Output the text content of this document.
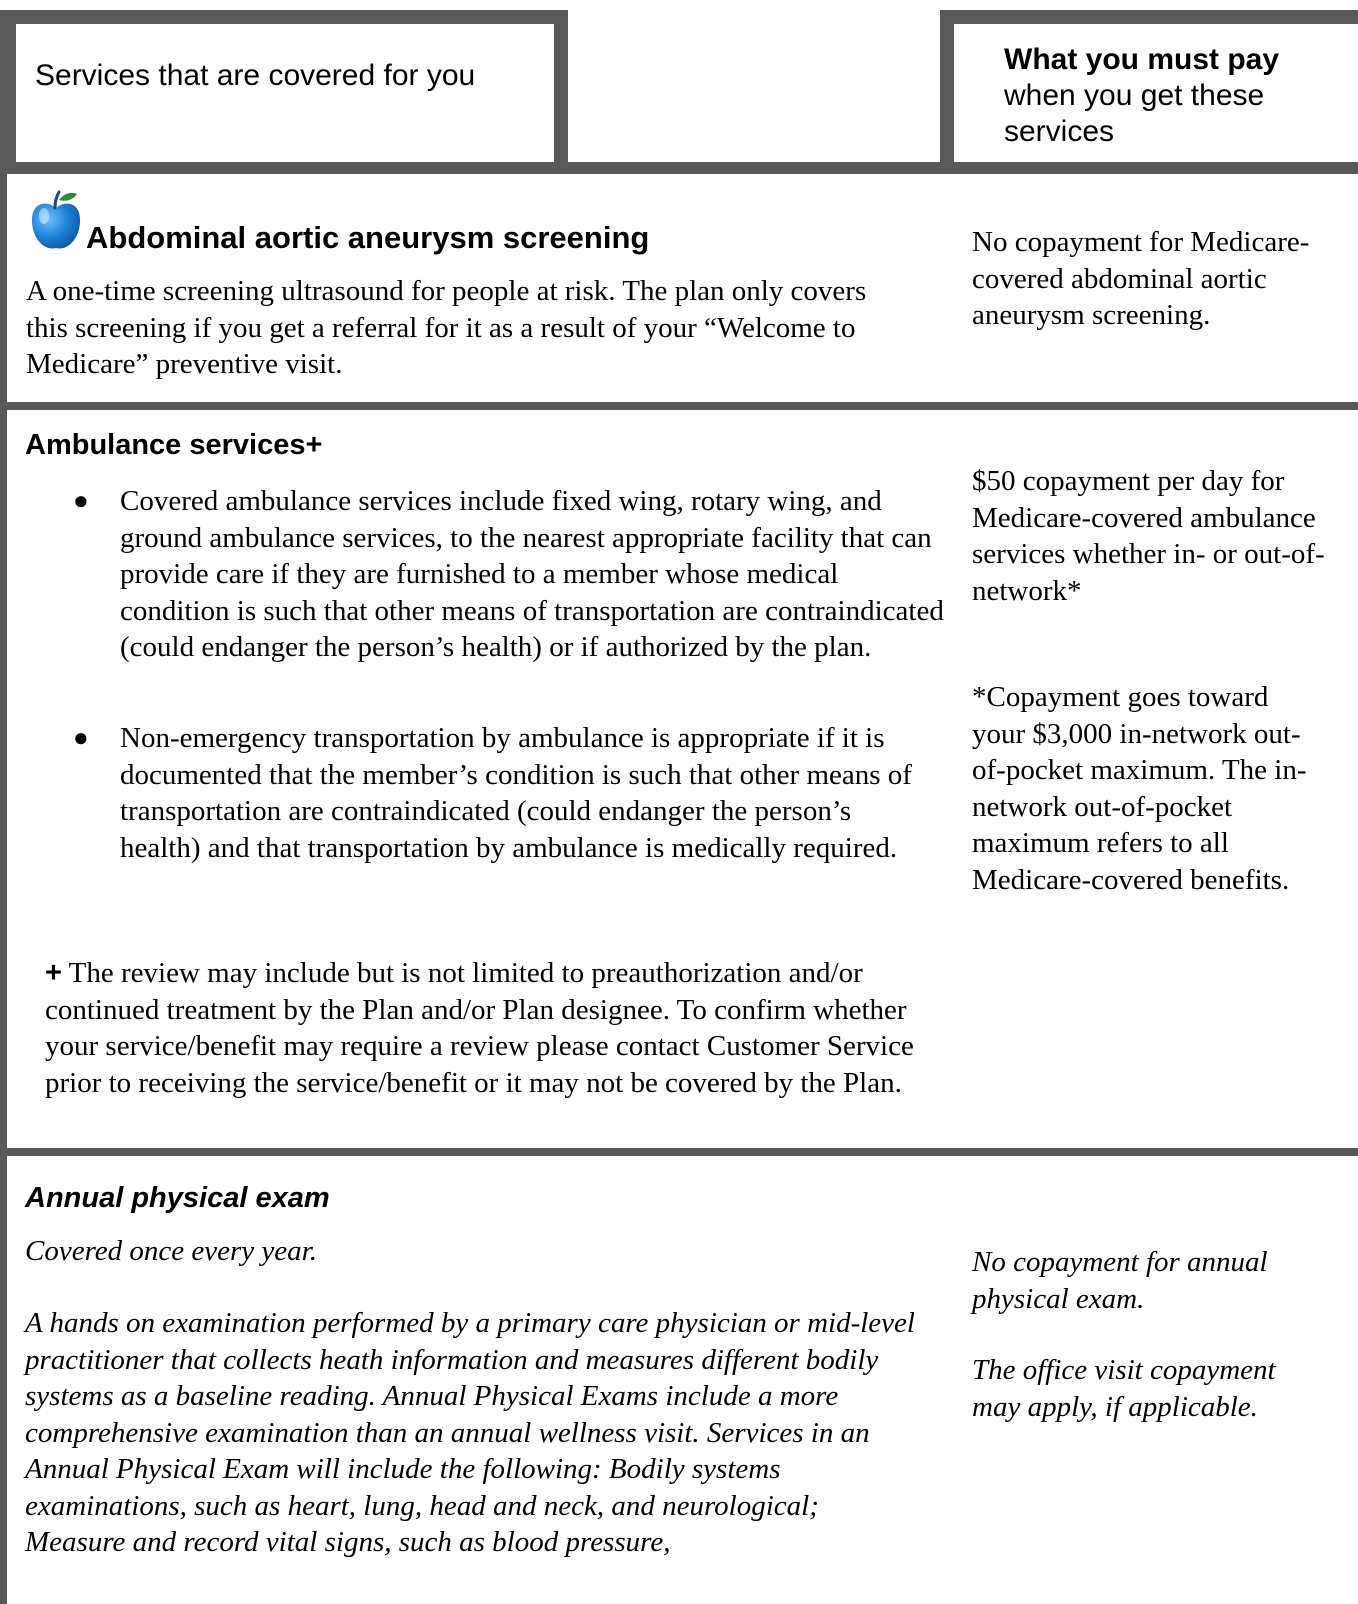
Services that are covered for you	What you must pay
when you get these services
Abdominal aortic aneurysm screening
A one-time screening ultrasound for people at risk. The plan only covers this screening if you get a referral for it as a result of your “Welcome to Medicare” preventive visit.
No copayment for Medicare-covered abdominal aortic aneurysm screening.
Ambulance services+
● Covered ambulance services include fixed wing, rotary wing, and ground ambulance services, to the nearest appropriate facility that can provide care if they are furnished to a member whose medical condition is such that other means of transportation are contraindicated (could endanger the person’s health) or if authorized by the plan.
● Non-emergency transportation by ambulance is appropriate if it is documented that the member’s condition is such that other means of transportation are contraindicated (could endanger the person’s health) and that transportation by ambulance is medically required.
+ The review may include but is not limited to preauthorization and/or continued treatment by the Plan and/or Plan designee. To confirm whether your service/benefit may require a review please contact Customer Service prior to receiving the service/benefit or it may not be covered by the Plan.
$50 copayment per day for Medicare-covered ambulance services whether in- or out-of-network*
*Copayment goes toward your $3,000 in-network out-of-pocket maximum. The in-network out-of-pocket maximum refers to all Medicare-covered benefits.
Annual physical exam
Covered once every year.
A hands on examination performed by a primary care physician or mid-level practitioner that collects heath information and measures different bodily systems as a baseline reading. Annual Physical Exams include a more comprehensive examination than an annual wellness visit. Services in an Annual Physical Exam will include the following: Bodily systems examinations, such as heart, lung, head and neck, and neurological; Measure and record vital signs, such as blood pressure,
No copayment for annual physical exam.
The office visit copayment may apply, if applicable.
